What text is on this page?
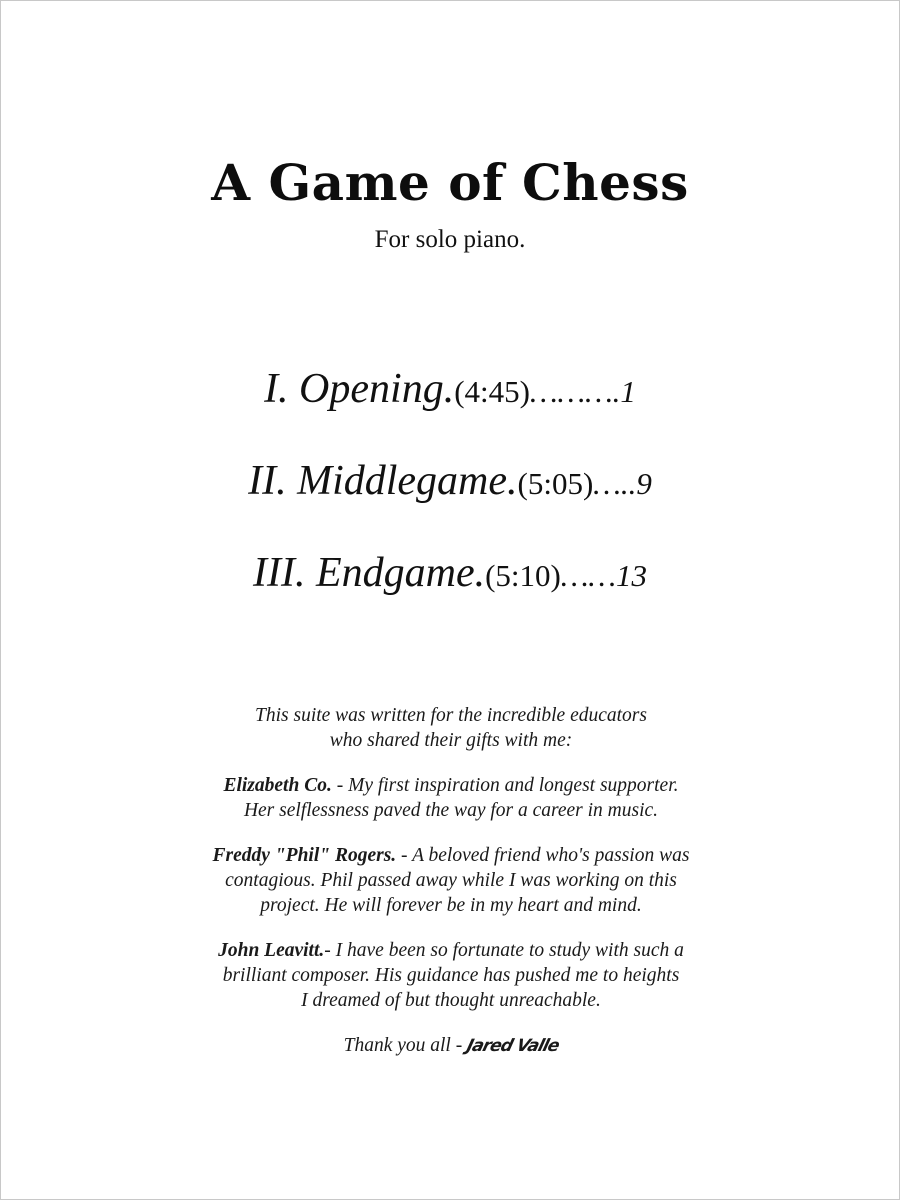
A Game of Chess
For solo piano.
I. Opening.(4:45)……….1
II. Middlegame.(5:05)…..9
III. Endgame.(5:10)……13

This suite was written for the incredible educators
who shared their gifts with me:

Elizabeth Co. - My first inspiration and longest supporter.
Her selflessness paved the way for a career in music.

Freddy "Phil" Rogers. - A beloved friend who's passion was
contagious. Phil passed away while I was working on this
project. He will forever be in my heart and mind.

John Leavitt.- I have been so fortunate to study with such a
brilliant composer. His guidance has pushed me to heights
I dreamed of but thought unreachable.

Thank you all - Jared Valle
